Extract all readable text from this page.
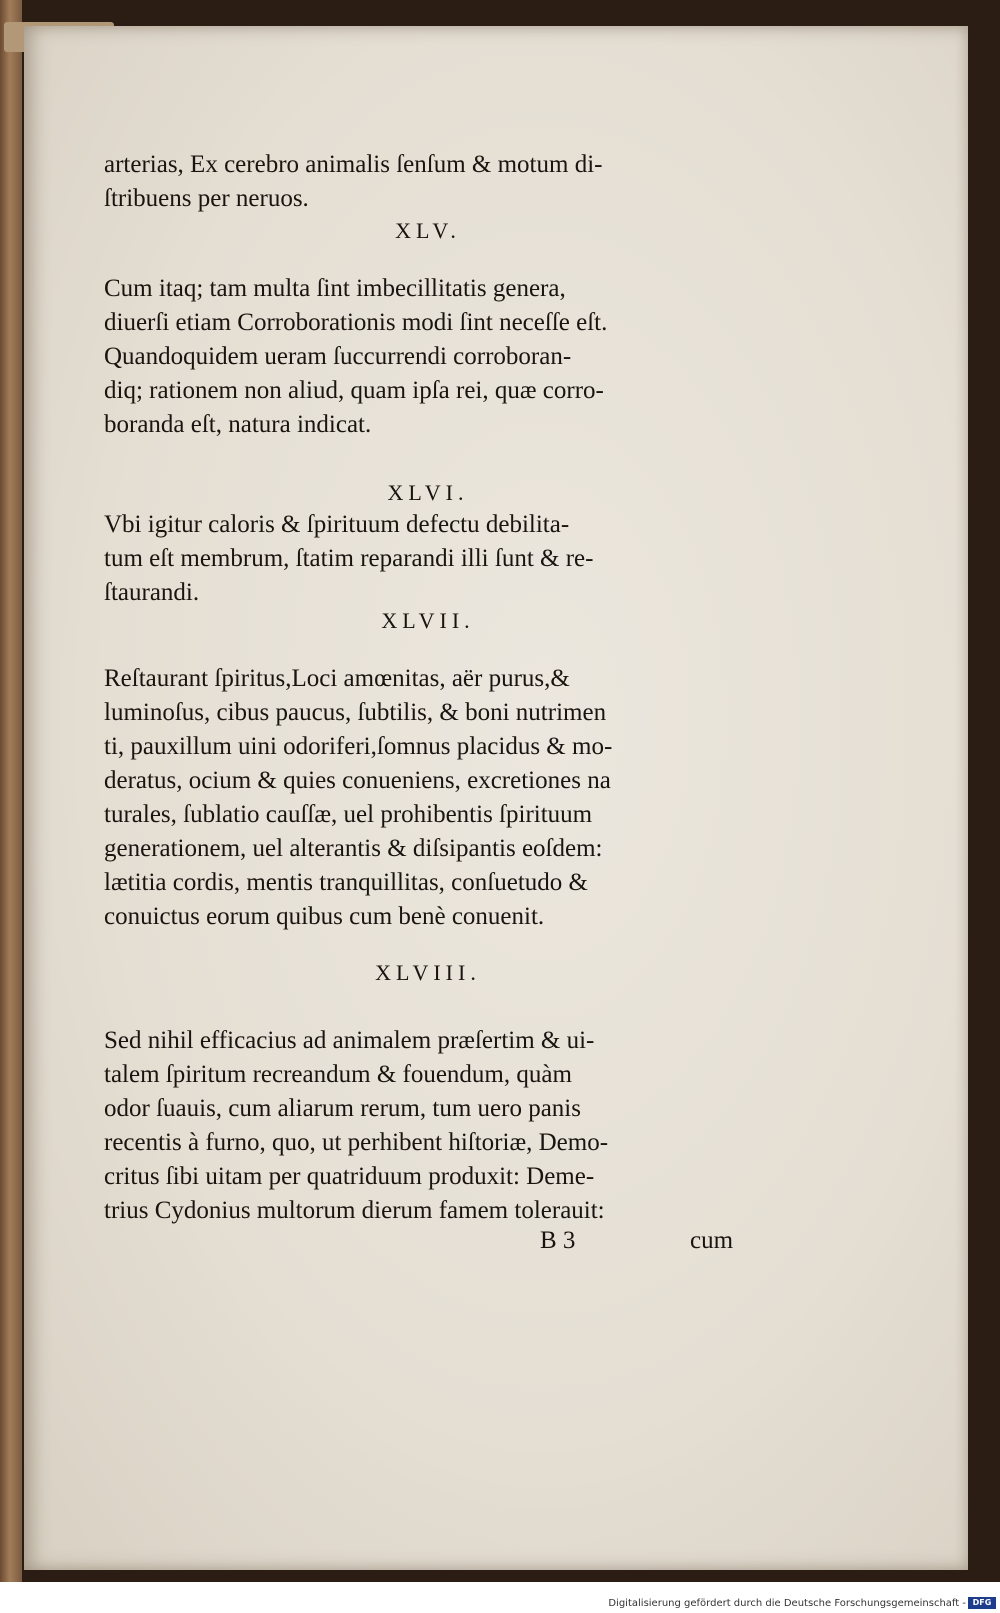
arterias, Ex cerebro animalis ſenſum & motum di-
ſtribuens per neruos.
XLV.
Cum itaq; tam multa ſint imbecillitatis genera,
diuerſi etiam Corroborationis modi ſint neceſſe eſt.
Quandoquidem ueram ſuccurrendi corroboran-
diq; rationem non aliud, quam ipſa rei, quæ corro-
boranda eſt, natura indicat.
XLVI.
Vbi igitur caloris & ſpirituum defectu debilita-
tum eſt membrum, ſtatim reparandi illi ſunt & re-
ſtaurandi.
XLVII.
Reſtaurant ſpiritus,Loci amœnitas, aër purus,&
luminoſus, cibus paucus, ſubtilis, & boni nutrimen
ti, pauxillum uini odoriferi,ſomnus placidus & mo-
deratus, ocium & quies conueniens, excretiones na
turales, ſublatio cauſſæ, uel prohibentis ſpirituum
generationem, uel alterantis & diſsipantis eoſdem:
lætitia cordis, mentis tranquillitas, conſuetudo &
conuictus eorum quibus cum benè conuenit.
XLVIII.
Sed nihil efficacius ad animalem præſertim & ui-
talem ſpiritum recreandum & fouendum, quàm
odor ſuauis, cum aliarum rerum, tum uero panis
recentis à furno, quo, ut perhibent hiſtoriæ, Demo-
critus ſibi uitam per quatriduum produxit: Deme-
trius Cydonius multorum dierum famem tolerauit:
B 3	cum
Digitalisierung gefördert durch die Deutsche Forschungsgemeinschaft - DFG
